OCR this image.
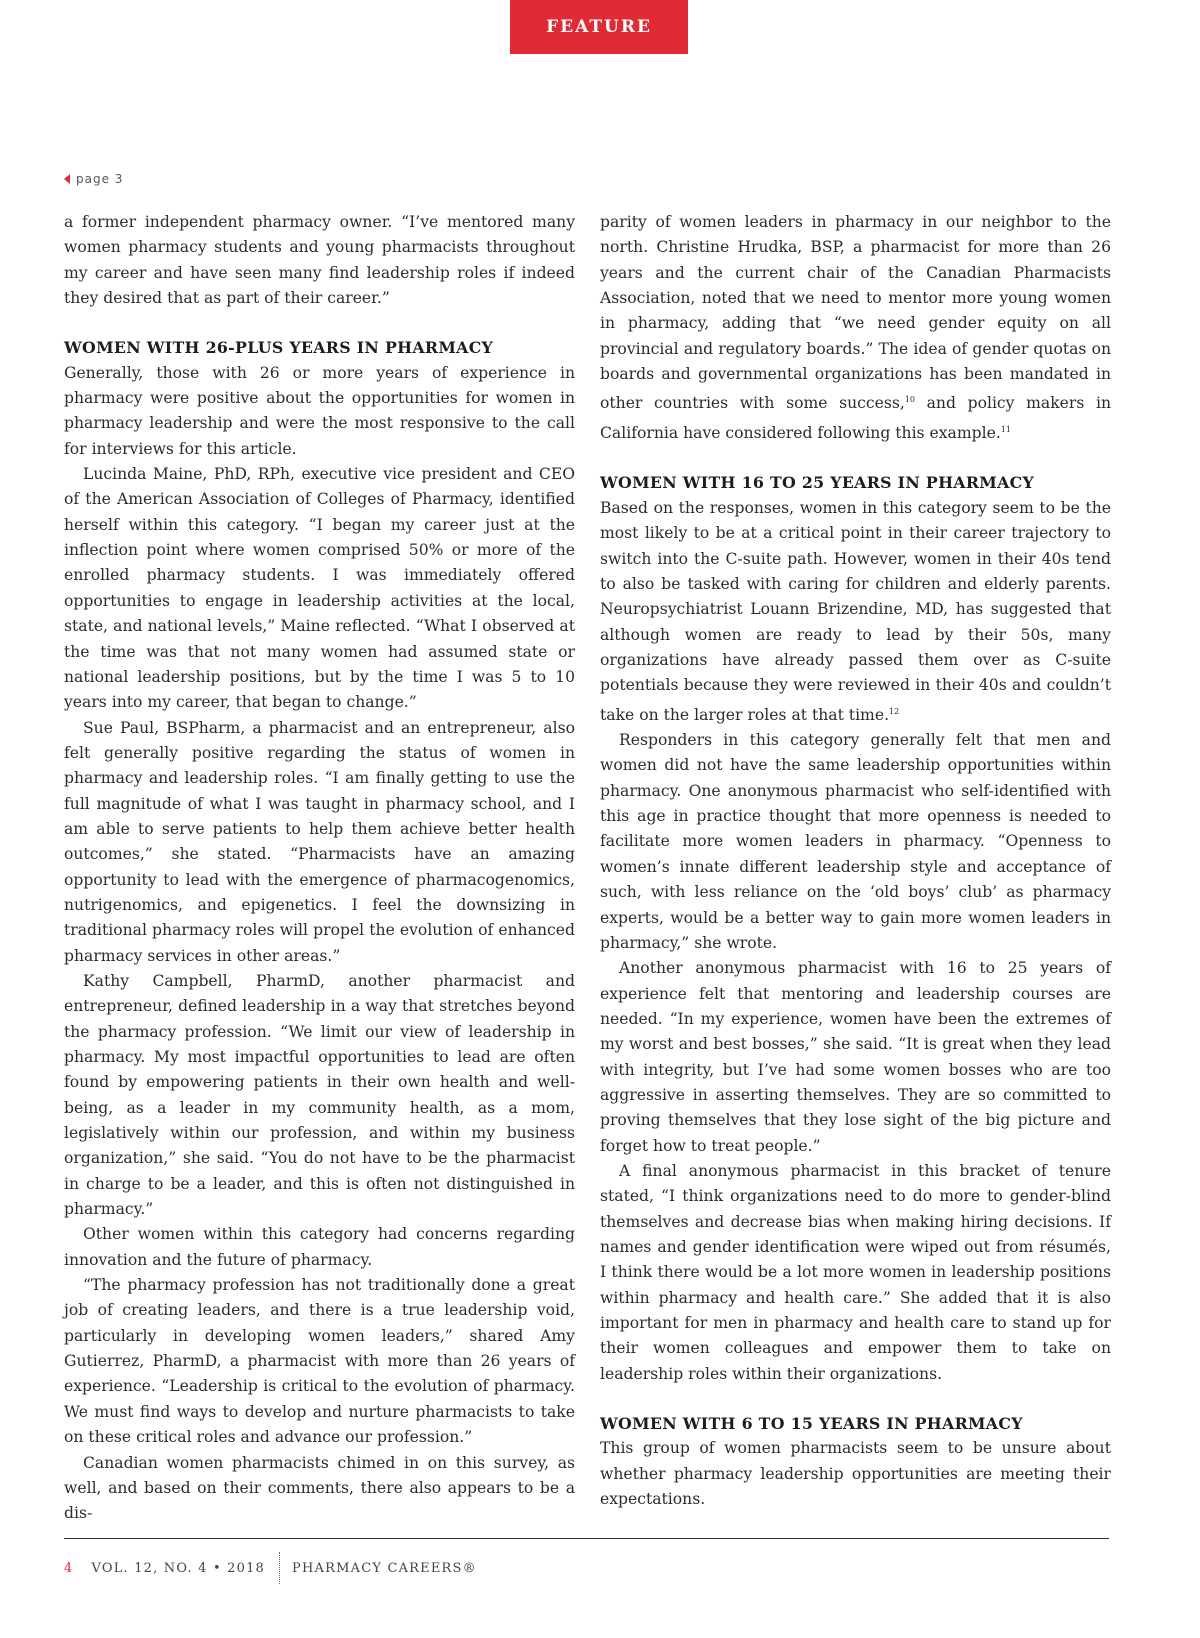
FEATURE
page 3

a former independent pharmacy owner. “I’ve mentored many women pharmacy students and young pharmacists throughout my career and have seen many find leadership roles if indeed they desired that as part of their career.”

WOMEN WITH 26-PLUS YEARS IN PHARMACY

Generally, those with 26 or more years of experience in pharmacy were positive about the opportunities for women in pharmacy leadership and were the most responsive to the call for interviews for this article.

Lucinda Maine, PhD, RPh, executive vice president and CEO of the American Association of Colleges of Pharmacy, identified herself within this category. “I began my career just at the inflection point where women comprised 50% or more of the enrolled pharmacy students. I was immediately offered opportunities to engage in leadership activities at the local, state, and national levels,” Maine reflected. “What I observed at the time was that not many women had assumed state or national leadership positions, but by the time I was 5 to 10 years into my career, that began to change.”

Sue Paul, BSPharm, a pharmacist and an entrepreneur, also felt generally positive regarding the status of women in pharmacy and leadership roles. “I am finally getting to use the full magnitude of what I was taught in pharmacy school, and I am able to serve patients to help them achieve better health outcomes,” she stated. “Pharmacists have an amazing opportunity to lead with the emergence of pharmacogenomics, nutrigenomics, and epigenetics. I feel the downsizing in traditional pharmacy roles will propel the evolution of enhanced pharmacy services in other areas.”

Kathy Campbell, PharmD, another pharmacist and entrepreneur, defined leadership in a way that stretches beyond the pharmacy profession. “We limit our view of leadership in pharmacy. My most impactful opportunities to lead are often found by empowering patients in their own health and well-being, as a leader in my community health, as a mom, legislatively within our profession, and within my business organization,” she said. “You do not have to be the pharmacist in charge to be a leader, and this is often not distinguished in pharmacy.”

Other women within this category had concerns regarding innovation and the future of pharmacy.

“The pharmacy profession has not traditionally done a great job of creating leaders, and there is a true leadership void, particularly in developing women leaders,” shared Amy Gutierrez, PharmD, a pharmacist with more than 26 years of experience. “Leadership is critical to the evolution of pharmacy. We must find ways to develop and nurture pharmacists to take on these critical roles and advance our profession.”

Canadian women pharmacists chimed in on this survey, as well, and based on their comments, there also appears to be a dis-

parity of women leaders in pharmacy in our neighbor to the north. Christine Hrudka, BSP, a pharmacist for more than 26 years and the current chair of the Canadian Pharmacists Association, noted that we need to mentor more young women in pharmacy, adding that “we need gender equity on all provincial and regulatory boards.” The idea of gender quotas on boards and governmental organizations has been mandated in other countries with some success,$^{10}$ and policy makers in California have considered following this example.$^{11}$

WOMEN WITH 16 TO 25 YEARS IN PHARMACY

Based on the responses, women in this category seem to be the most likely to be at a critical point in their career trajectory to switch into the C-suite path. However, women in their 40s tend to also be tasked with caring for children and elderly parents. Neuropsychiatrist Louann Brizendine, MD, has suggested that although women are ready to lead by their 50s, many organizations have already passed them over as C-suite potentials because they were reviewed in their 40s and couldn’t take on the larger roles at that time.$^{12}$

Responders in this category generally felt that men and women did not have the same leadership opportunities within pharmacy. One anonymous pharmacist who self-identified with this age in practice thought that more openness is needed to facilitate more women leaders in pharmacy. “Openness to women’s innate different leadership style and acceptance of such, with less reliance on the ‘old boys’ club’ as pharmacy experts, would be a better way to gain more women leaders in pharmacy,” she wrote.

Another anonymous pharmacist with 16 to 25 years of experience felt that mentoring and leadership courses are needed. “In my experience, women have been the extremes of my worst and best bosses,” she said. “It is great when they lead with integrity, but I’ve had some women bosses who are too aggressive in asserting themselves. They are so committed to proving themselves that they lose sight of the big picture and forget how to treat people.”

A final anonymous pharmacist in this bracket of tenure stated, “I think organizations need to do more to gender-blind themselves and decrease bias when making hiring decisions. If names and gender identification were wiped out from résumés, I think there would be a lot more women in leadership positions within pharmacy and health care.” She added that it is also important for men in pharmacy and health care to stand up for their women colleagues and empower them to take on leadership roles within their organizations.

WOMEN WITH 6 TO 15 YEARS IN PHARMACY

This group of women pharmacists seem to be unsure about whether pharmacy leadership opportunities are meeting their expectations.

4 VOL. 12, NO. 4 • 2018 PHARMACY CAREERS®
